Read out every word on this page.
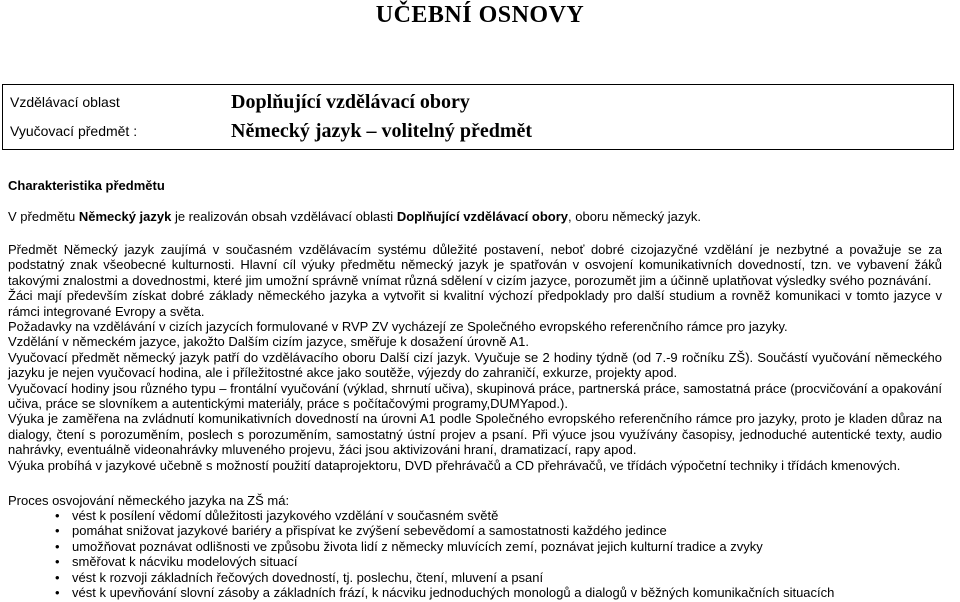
UČEBNÍ OSNOVY
Vzdělávací oblast	Doplňující vzdělávací obory
Vyučovací předmět :	Německý jazyk – volitelný předmět
Charakteristika předmětu
V předmětu Německý jazyk je realizován obsah vzdělávací oblasti Doplňující vzdělávací obory, oboru německý jazyk.

Předmět Německý jazyk zaujímá v současném vzdělávacím systému důležité postavení, neboť dobré cizojazyčné vzdělání je nezbytné a považuje se za podstatný znak všeobecné kulturnosti. Hlavní cíl výuky předmětu německý jazyk je spatřován v osvojení komunikativních dovedností, tzn. ve vybavení žáků takovými znalostmi a dovednostmi, které jim umožní správně vnímat různá sdělení v cizím jazyce, porozumět jim a účinně uplatňovat výsledky svého poznávání.

Žáci mají především získat dobré základy německého jazyka a vytvořit si kvalitní výchozí předpoklady pro další studium a rovněž komunikaci v tomto jazyce v rámci integrované Evropy a světa.

Požadavky na vzdělávání v cizích jazycích formulované v RVP ZV vycházejí ze Společného evropského referenčního rámce pro jazyky.

Vzdělání v německém jazyce, jakožto Dalším cizím jazyce, směřuje k dosažení úrovně A1.

Vyučovací předmět německý jazyk patří do vzdělávacího oboru Další cizí jazyk. Vyučuje se 2 hodiny týdně (od 7.-9 ročníku ZŠ). Součástí vyučování německého jazyku je nejen vyučovací hodina, ale i příležitostné akce jako soutěže, výjezdy do zahraničí, exkurze, projekty apod.

Vyučovací hodiny jsou různého typu – frontální vyučování (výklad, shrnutí učiva), skupinová práce, partnerská práce, samostatná práce (procvičování a opakování učiva, práce se slovníkem a autentickými materiály, práce s počítačovými programy,DUMYapod.).

Výuka je zaměřena na zvládnutí komunikativních dovedností na úrovni A1 podle Společného evropského referenčního rámce pro jazyky, proto je kladen důraz na dialogy, čtení s porozuměním, poslech s porozuměním, samostatný ústní projev a psaní. Při výuce jsou využívány časopisy, jednoduché autentické texty, audio nahrávky, eventuálně videonahrávky mluveného projevu, žáci jsou aktivizováni hraní, dramatizací, rapy apod.

Výuka probíhá v jazykové učebně s možností použití dataprojektoru, DVD přehrávačů a CD přehrávačů, ve třídách výpočetní techniky i třídách kmenových.

Proces osvojování německého jazyka na ZŠ má:
• vést k posílení vědomí důležitosti jazykového vzdělání v současném světě
• pomáhat snižovat jazykové bariéry a přispívat ke zvýšení sebevědomí a samostatnosti každého jedince
• umožňovat poznávat odlišnosti ve způsobu života lidí z německy mluvících zemí, poznávat jejich kulturní tradice a zvyky
• směřovat k nácviku modelových situací
• vést k rozvoji základních řečových dovedností, tj. poslechu, čtení, mluvení a psaní
• vést k upevňování slovní zásoby a základních frází, k nácviku jednoduchých monologů a dialogů v běžných komunikačních situacích
